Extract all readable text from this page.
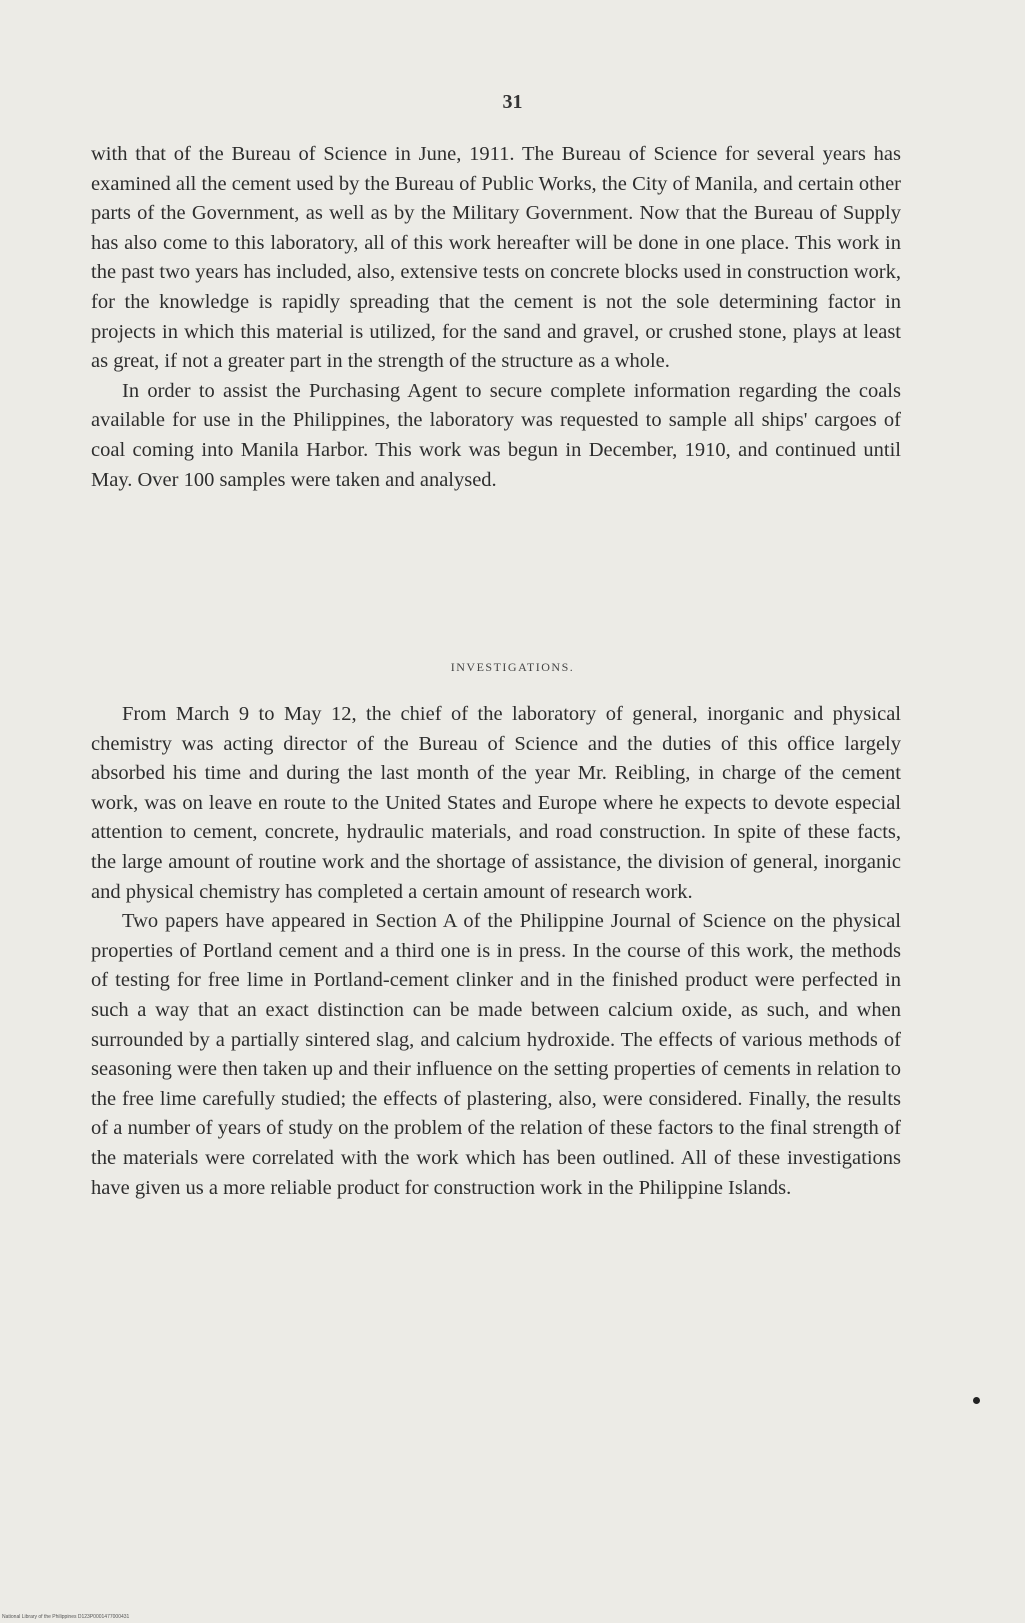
31

with that of the Bureau of Science in June, 1911. The Bureau of Science for several years has examined all the cement used by the Bureau of Public Works, the City of Manila, and certain other parts of the Government, as well as by the Military Government. Now that the Bureau of Supply has also come to this laboratory, all of this work hereafter will be done in one place. This work in the past two years has included, also, extensive tests on concrete blocks used in construction work, for the knowledge is rapidly spreading that the cement is not the sole determining factor in projects in which this material is utilized, for the sand and gravel, or crushed stone, plays at least as great, if not a greater part in the strength of the structure as a whole.

In order to assist the Purchasing Agent to secure complete information regarding the coals available for use in the Philippines, the laboratory was requested to sample all ships' cargoes of coal coming into Manila Harbor. This work was begun in December, 1910, and continued until May. Over 100 samples were taken and analysed.

INVESTIGATIONS.

From March 9 to May 12, the chief of the laboratory of general, inorganic and physical chemistry was acting director of the Bureau of Science and the duties of this office largely absorbed his time and during the last month of the year Mr. Reibling, in charge of the cement work, was on leave en route to the United States and Europe where he expects to devote especial attention to cement, concrete, hydraulic materials, and road construction. In spite of these facts, the large amount of routine work and the shortage of assistance, the division of general, inorganic and physical chemistry has completed a certain amount of research work.

Two papers have appeared in Section A of the Philippine Journal of Science on the physical properties of Portland cement and a third one is in press. In the course of this work, the methods of testing for free lime in Portland-cement clinker and in the finished product were perfected in such a way that an exact distinction can be made between calcium oxide, as such, and when surrounded by a partially sintered slag, and calcium hydroxide. The effects of various methods of seasoning were then taken up and their influence on the setting properties of cements in relation to the free lime carefully studied; the effects of plastering, also, were considered. Finally, the results of a number of years of study on the problem of the relation of these factors to the final strength of the materials were correlated with the work which has been outlined. All of these investigations have given us a more reliable product for construction work in the Philippine Islands.

National Library of the Philippines D123P0001477000431
